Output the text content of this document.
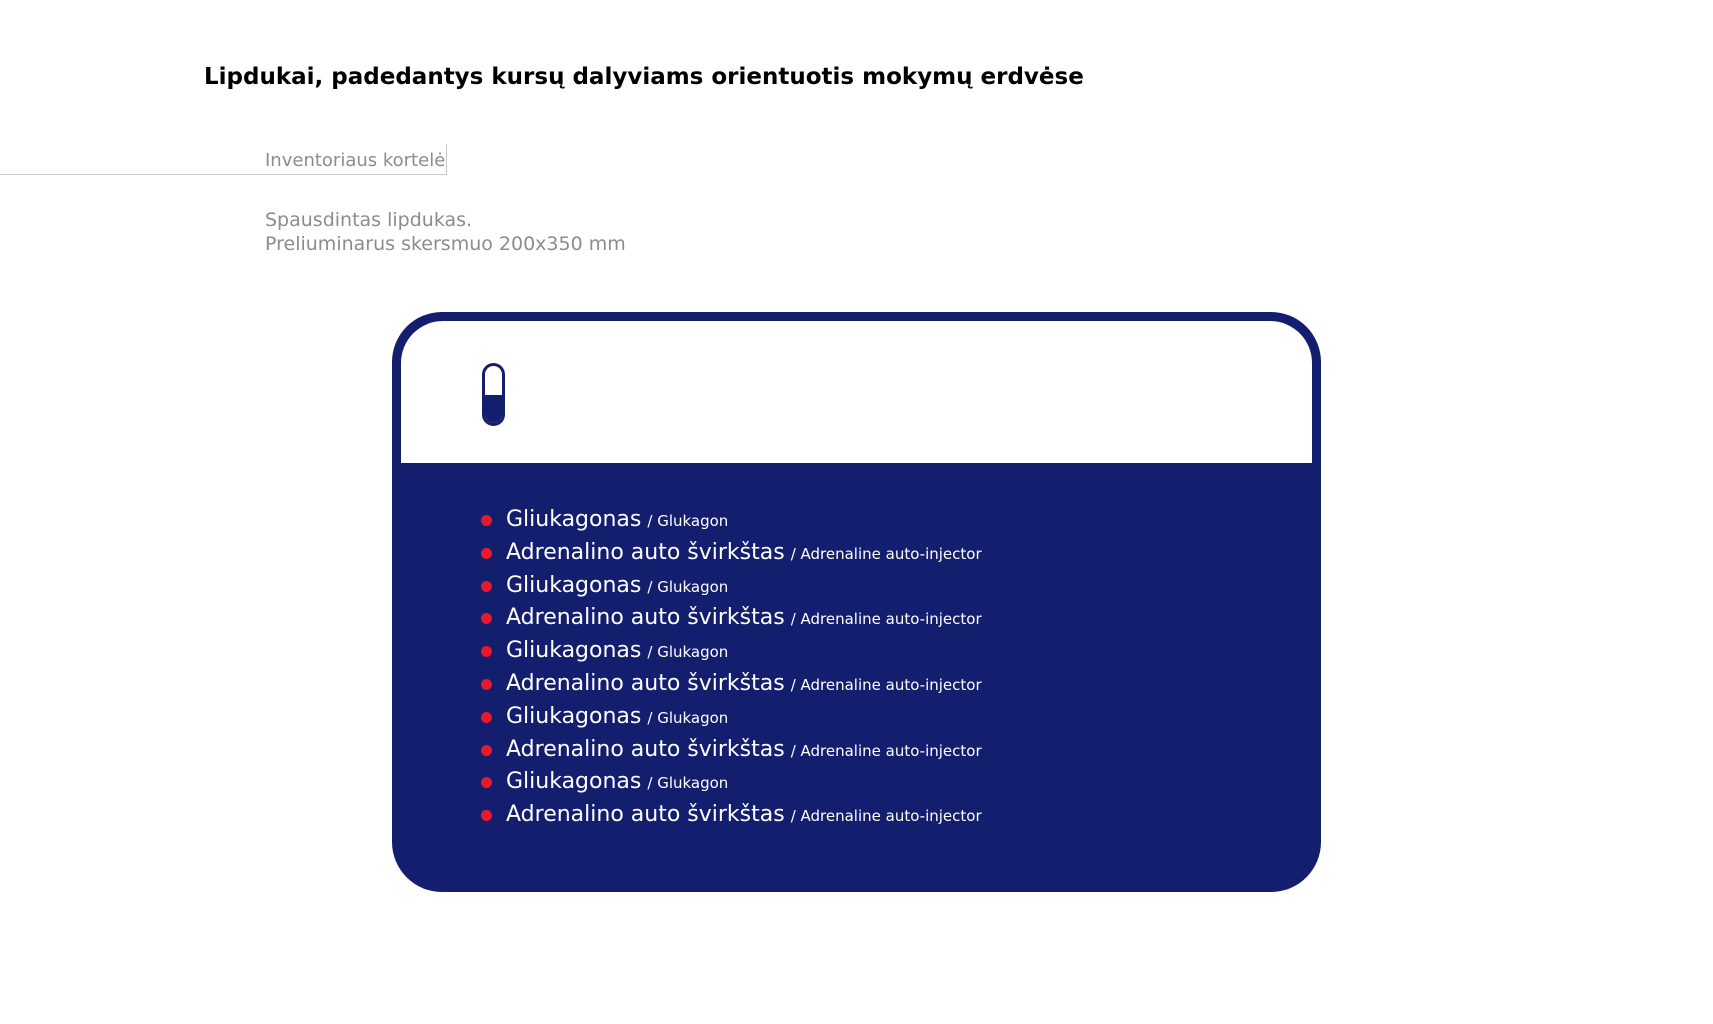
Lipdukai, padedantys kursų dalyviams orientuotis mokymų erdvėse
Inventoriaus kortelė
Spausdintas lipdukas.
Preliuminarus skersmuo 200x350 mm
Gliukagonas / Glukagon
Adrenalino auto švirkštas / Adrenaline auto-injector
Gliukagonas / Glukagon
Adrenalino auto švirkštas / Adrenaline auto-injector
Gliukagonas / Glukagon
Adrenalino auto švirkštas / Adrenaline auto-injector
Gliukagonas / Glukagon
Adrenalino auto švirkštas / Adrenaline auto-injector
Gliukagonas / Glukagon
Adrenalino auto švirkštas / Adrenaline auto-injector
